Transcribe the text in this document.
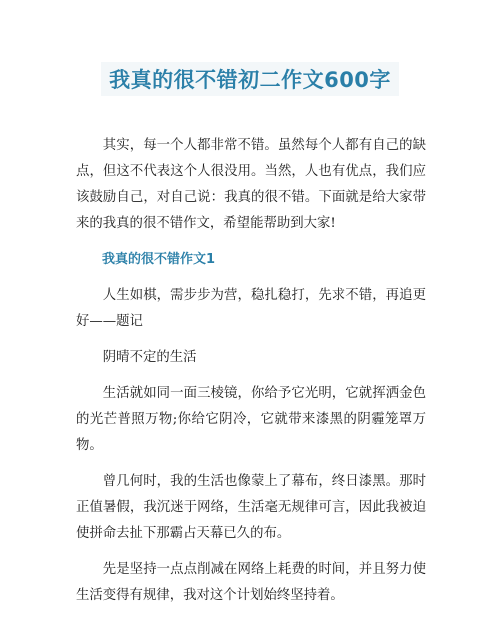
我真的很不错初二作文600字

其实，每一个人都非常不错。虽然每个人都有自己的缺点，但这不代表这个人很没用。当然，人也有优点，我们应该鼓励自己，对自己说：我真的很不错。下面就是给大家带来的我真的很不错作文，希望能帮助到大家!

我真的很不错作文1

人生如棋，需步步为营，稳扎稳打，先求不错，再追更好——题记

阴晴不定的生活

生活就如同一面三棱镜，你给予它光明，它就挥洒金色的光芒普照万物;你给它阴冷，它就带来漆黑的阴霾笼罩万物。

曾几何时，我的生活也像蒙上了幕布，终日漆黑。那时正值暑假，我沉迷于网络，生活毫无规律可言，因此我被迫使拼命去扯下那霸占天幕已久的布。

先是坚持一点点削减在网络上耗费的时间，并且努力使生活变得有规律，我对这个计划始终坚持着。
